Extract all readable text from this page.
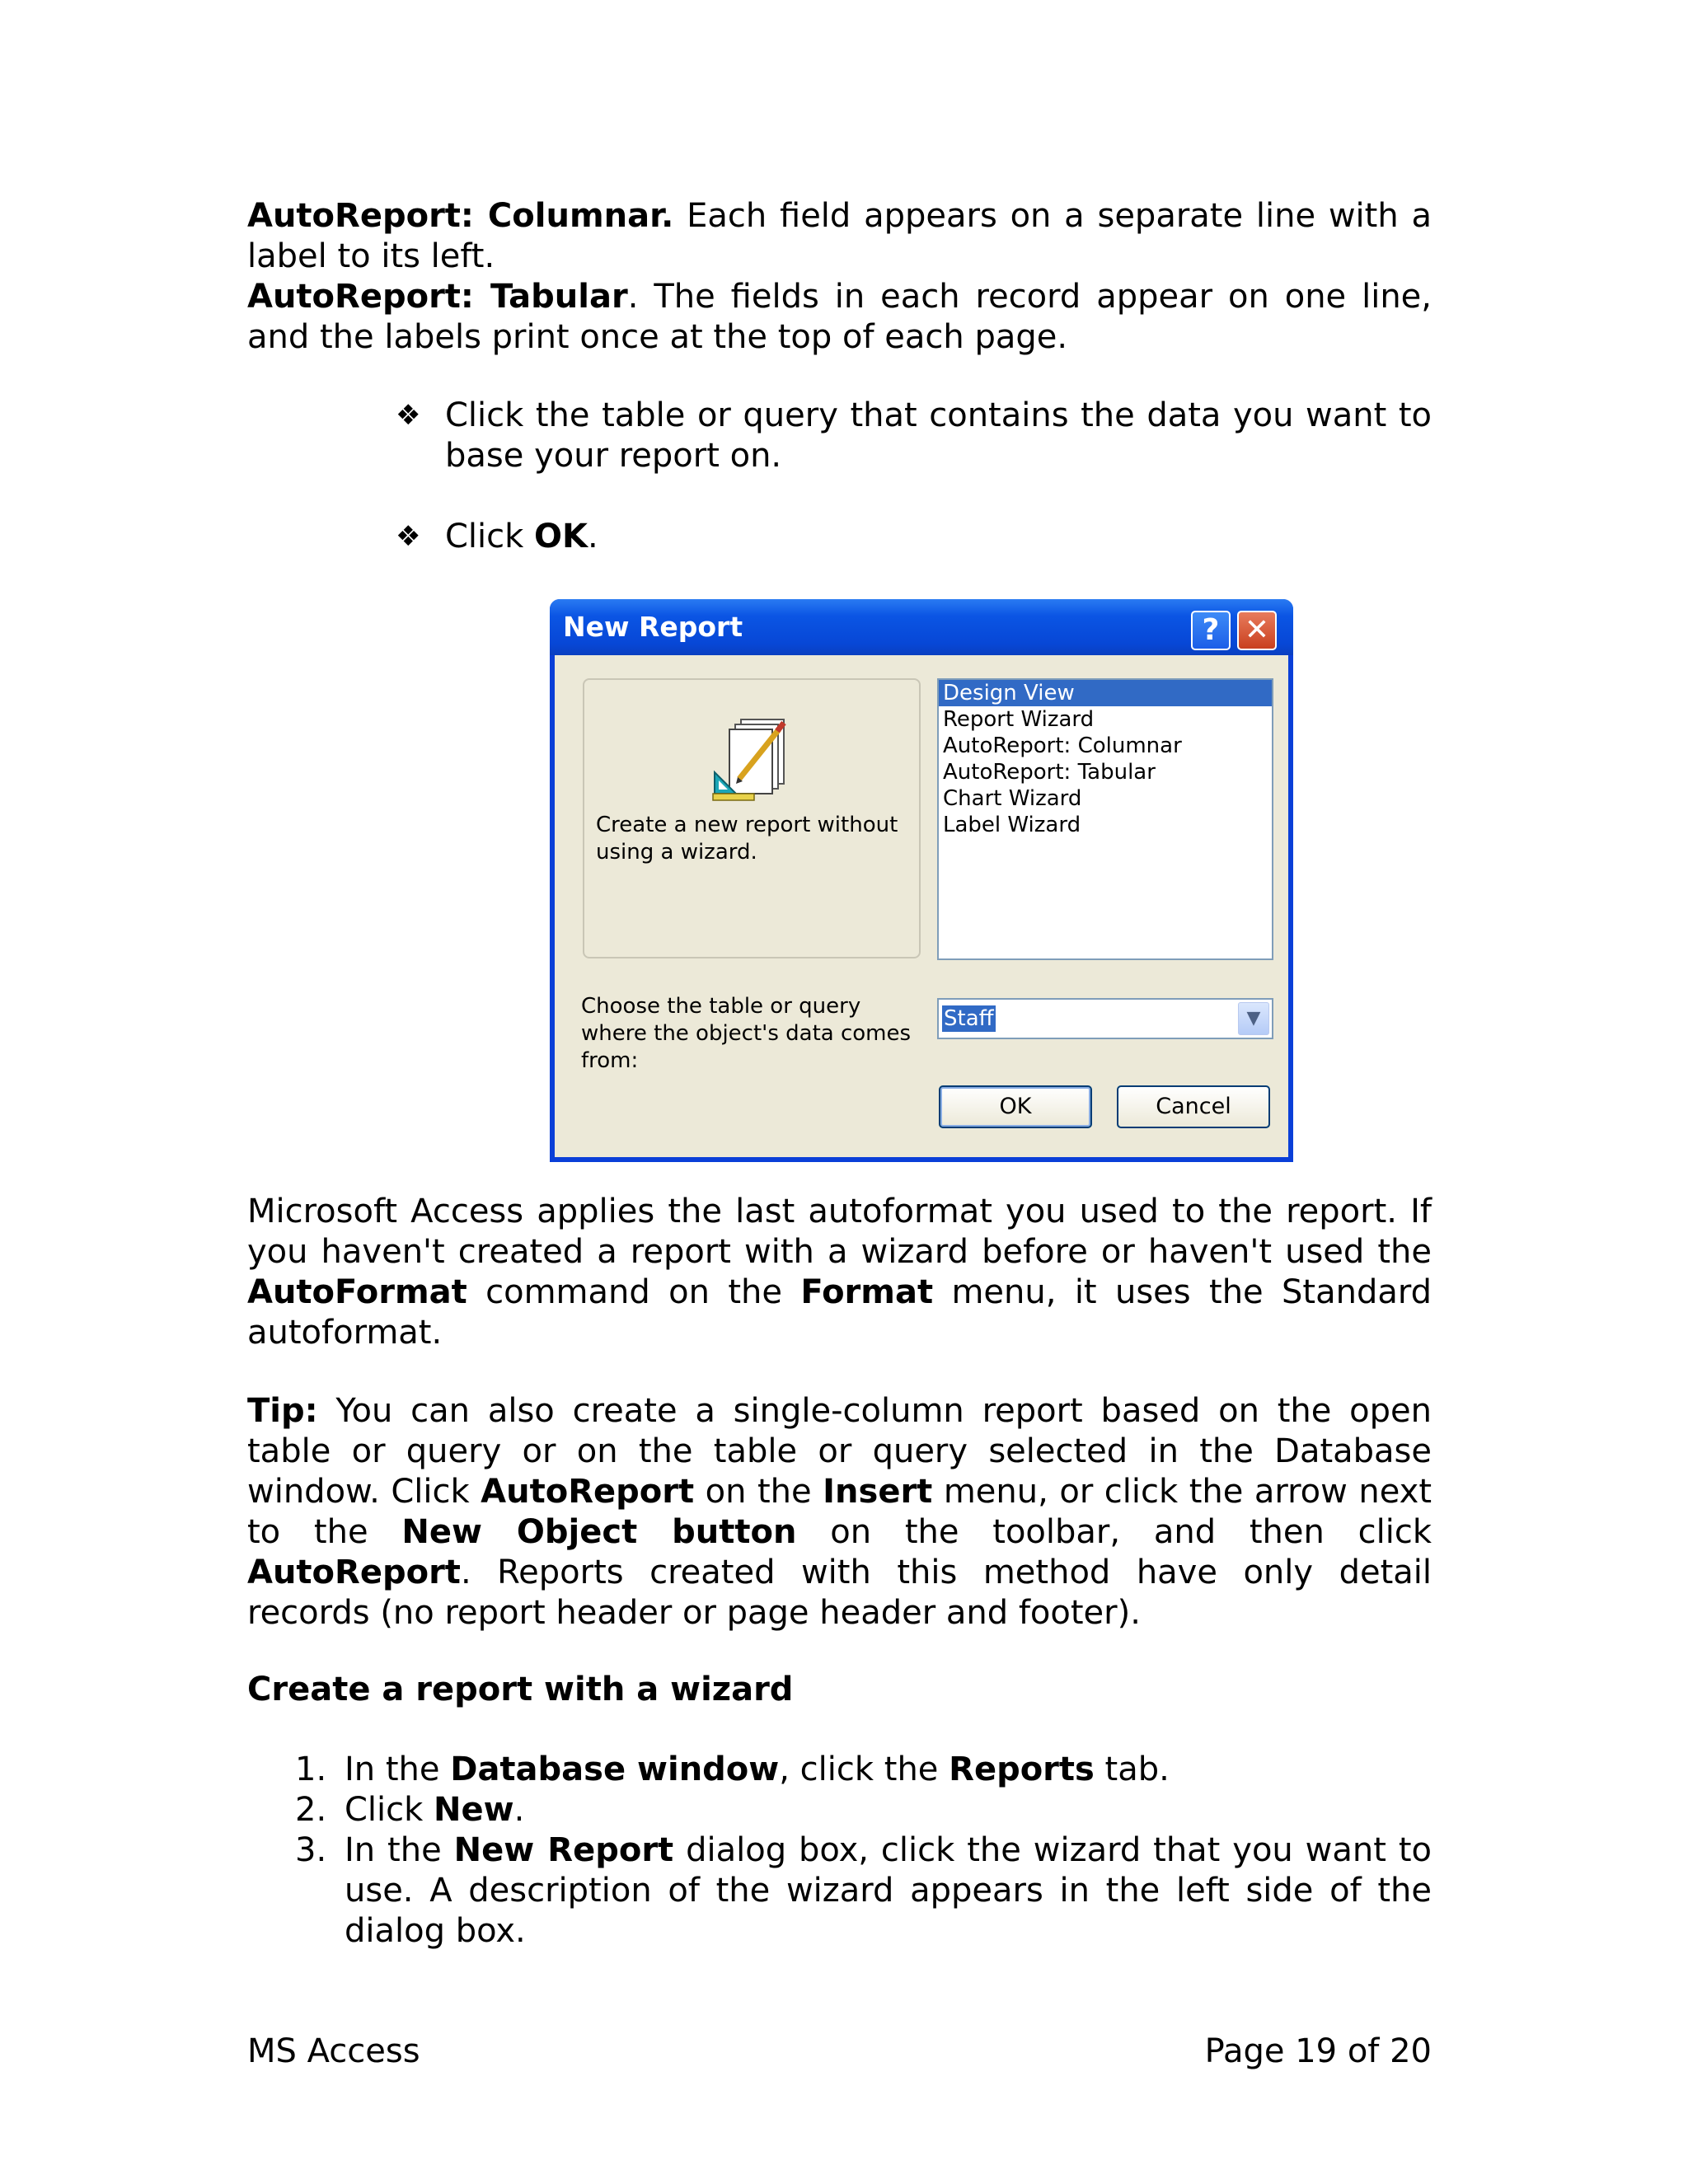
AutoReport: Columnar. Each field appears on a separate line with a label to its left.

AutoReport: Tabular. The fields in each record appear on one line, and the labels print once at the top of each page.

❖ Click the table or query that contains the data you want to base your report on.
❖ Click OK.
New Report	? ✕
Create a new report without using a wizard.
Design View
Report Wizard
AutoReport: Columnar
AutoReport: Tabular
Chart Wizard
Label Wizard
Choose the table or query where the object's data comes from:
Staff	▼
OK	Cancel

Microsoft Access applies the last autoformat you used to the report. If you haven't created a report with a wizard before or haven't used the AutoFormat command on the Format menu, it uses the Standard autoformat.

Tip: You can also create a single-column report based on the open table or query or on the table or query selected in the Database window. Click AutoReport on the Insert menu, or click the arrow next to the New Object button on the toolbar, and then click AutoReport. Reports created with this method have only detail records (no report header or page header and footer).

Create a report with a wizard
1. In the Database window, click the Reports tab.
2. Click New.
3. In the New Report dialog box, click the wizard that you want to use. A description of the wizard appears in the left side of the dialog box.
MS Access	Page 19 of 20
